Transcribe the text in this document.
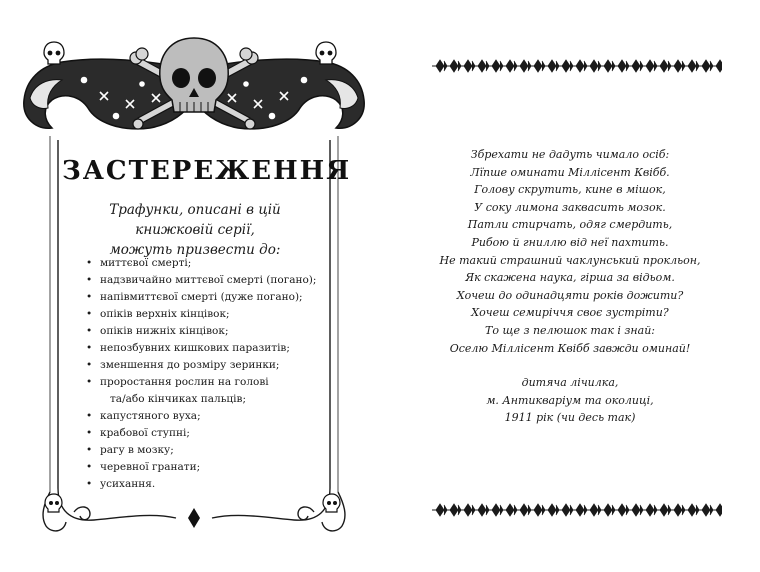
ЗАСТЕРЕЖЕННЯ
Трафунки, описані в цій книжковій серії,
можуть призвести до:
• миттєвої смерті;
• надзвичайно миттєвої смерті (погано);
• напівмиттєвої смерті (дуже погано);
• опіків верхніх кінцівок;
• опіків нижніх кінцівок;
• непозбувних кишкових паразитів;
• зменшення до розміру зеринки;
• проростання рослин на голові
та/або кінчиках пальців;
• капустяного вуха;
• крабової ступні;
• рагу в мозку;
• черевної гранати;
• усихання.
Збрехати не дадуть чимало осіб:
Лїпше оминати Міллісент Квібб.
Голову скрутить, кине в мішок,
У соку лимона заквасить мозок.
Патли стирчать, одяг смердить,
Рибою й гниллю від неї пахтить.
Не такий страшний чаклунський прокльон,
Як скажена наука, гірша за відьом.
Хочеш до одинадцяти років дожити?
Хочеш семиріччя своє зустріти?
То ще з пелюшок так і знай:
Оселю Міллісент Квібб завжди оминай!
дитяча лічилка,
м. Антикваріум та околиці,
1911 рік (чи десь так)
